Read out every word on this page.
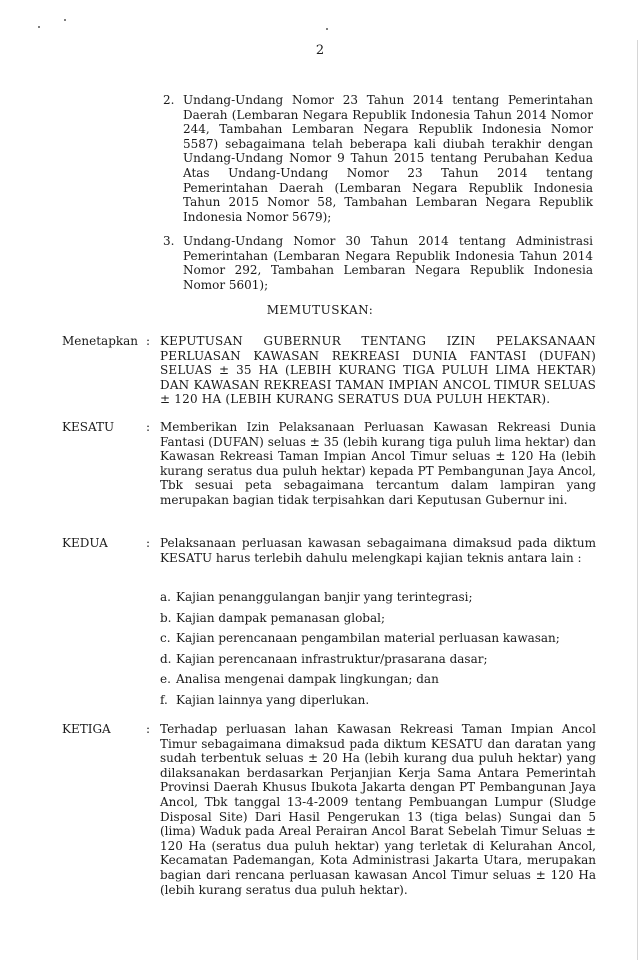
2
2. Undang-Undang Nomor 23 Tahun 2014 tentang Pemerintahan Daerah (Lembaran Negara Republik Indonesia Tahun 2014 Nomor 244, Tambahan Lembaran Negara Republik Indonesia Nomor 5587) sebagaimana telah beberapa kali diubah terakhir dengan Undang-Undang Nomor 9 Tahun 2015 tentang Perubahan Kedua Atas Undang-Undang Nomor 23 Tahun 2014 tentang Pemerintahan Daerah (Lembaran Negara Republik Indonesia Tahun 2015 Nomor 58, Tambahan Lembaran Negara Republik Indonesia Nomor 5679);
3. Undang-Undang Nomor 30 Tahun 2014 tentang Administrasi Pemerintahan (Lembaran Negara Republik Indonesia Tahun 2014 Nomor 292, Tambahan Lembaran Negara Republik Indonesia Nomor 5601);
MEMUTUSKAN:
Menetapkan : KEPUTUSAN GUBERNUR TENTANG IZIN PELAKSANAAN PERLUASAN KAWASAN REKREASI DUNIA FANTASI (DUFAN) SELUAS ± 35 HA (LEBIH KURANG TIGA PULUH LIMA HEKTAR) DAN KAWASAN REKREASI TAMAN IMPIAN ANCOL TIMUR SELUAS ± 120 HA (LEBIH KURANG SERATUS DUA PULUH HEKTAR).
KESATU	: Memberikan Izin Pelaksanaan Perluasan Kawasan Rekreasi Dunia Fantasi (DUFAN) seluas ± 35 (lebih kurang tiga puluh lima hektar) dan Kawasan Rekreasi Taman Impian Ancol Timur seluas ± 120 Ha (lebih kurang seratus dua puluh hektar) kepada PT Pembangunan Jaya Ancol, Tbk sesuai peta sebagaimana tercantum dalam lampiran yang merupakan bagian tidak terpisahkan dari Keputusan Gubernur ini.
KEDUA	: Pelaksanaan perluasan kawasan sebagaimana dimaksud pada diktum KESATU harus terlebih dahulu melengkapi kajian teknis antara lain :
a. Kajian penanggulangan banjir yang terintegrasi;
b. Kajian dampak pemanasan global;
c. Kajian perencanaan pengambilan material perluasan kawasan;
d. Kajian perencanaan infrastruktur/prasarana dasar;
e. Analisa mengenai dampak lingkungan; dan
f. Kajian lainnya yang diperlukan.
KETIGA	: Terhadap perluasan lahan Kawasan Rekreasi Taman Impian Ancol Timur sebagaimana dimaksud pada diktum KESATU dan daratan yang sudah terbentuk seluas ± 20 Ha (lebih kurang dua puluh hektar) yang dilaksanakan berdasarkan Perjanjian Kerja Sama Antara Pemerintah Provinsi Daerah Khusus Ibukota Jakarta dengan PT Pembangunan Jaya Ancol, Tbk tanggal 13-4-2009 tentang Pembuangan Lumpur (Sludge Disposal Site) Dari Hasil Pengerukan 13 (tiga belas) Sungai dan 5 (lima) Waduk pada Areal Perairan Ancol Barat Sebelah Timur Seluas ± 120 Ha (seratus dua puluh hektar) yang terletak di Kelurahan Ancol, Kecamatan Pademangan, Kota Administrasi Jakarta Utara, merupakan bagian dari rencana perluasan kawasan Ancol Timur seluas ± 120 Ha (lebih kurang seratus dua puluh hektar).
